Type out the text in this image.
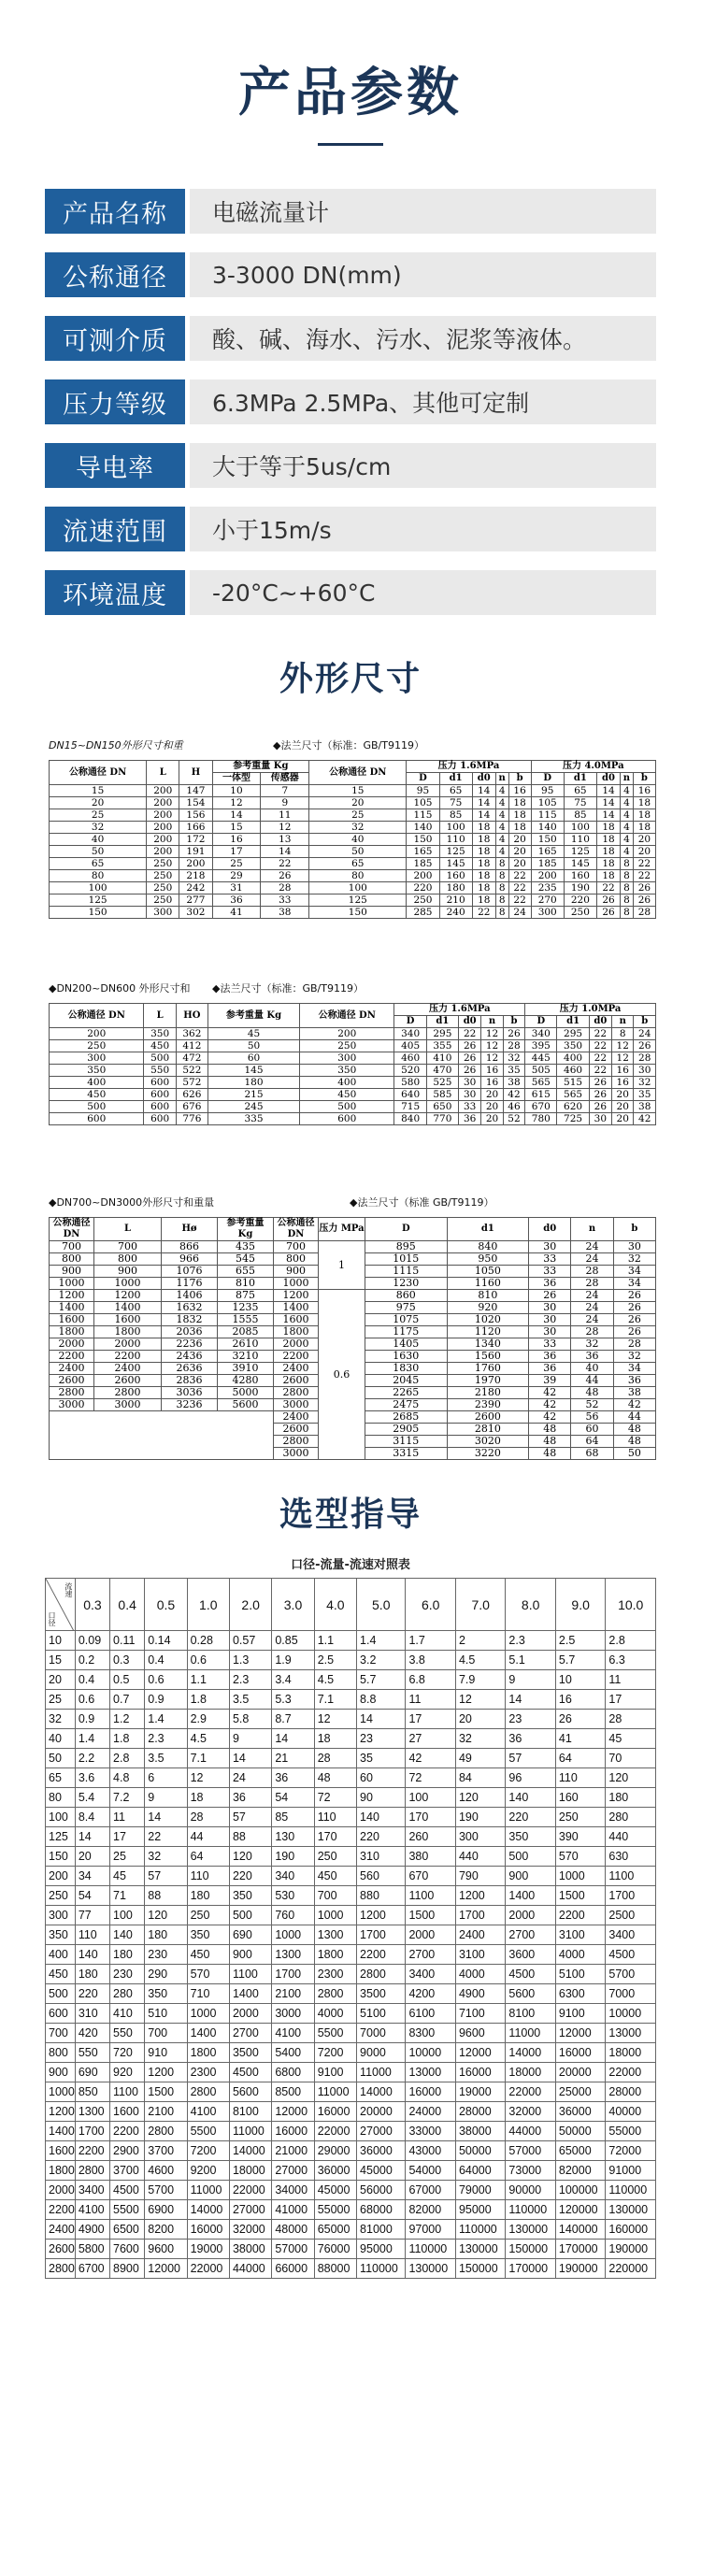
产品参数
产品名称	电磁流量计
公称通径	3-3000 DN(mm)
可测介质	酸、碱、海水、污水、泥浆等液体。
压力等级	6.3MPa 2.5MPa、其他可定制
导电率	大于等于5us/cm
流速范围	小于15m/s
环境温度	-20°C~+60°C
外形尺寸
DN15~DN150外形尺寸和重	◆法兰尺寸（标准：GB/T9119）
公称通径 DN	L	H	参考重量 Kg		公称通径 DN	压力 1.6MPa					压力 4.0MPa				
			一体型	传感器		D	d1	d0	n	b	D	d1	d0	n	b
15	200	147	10	7	15	95	65	14	4	16	95	65	14	4	16
20	200	154	12	9	20	105	75	14	4	18	105	75	14	4	18
25	200	156	14	11	25	115	85	14	4	18	115	85	14	4	18
32	200	166	15	12	32	140	100	18	4	18	140	100	18	4	18
40	200	172	16	13	40	150	110	18	4	20	150	110	18	4	20
50	200	191	17	14	50	165	125	18	4	20	165	125	18	4	20
65	250	200	25	22	65	185	145	18	8	20	185	145	18	8	22
80	250	218	29	26	80	200	160	18	8	22	200	160	18	8	22
100	250	242	31	28	100	220	180	18	8	22	235	190	22	8	26
125	250	277	36	33	125	250	210	18	8	22	270	220	26	8	26
150	300	302	41	38	150	285	240	22	8	24	300	250	26	8	28
◆DN200~DN600 外形尺寸和	◆法兰尺寸（标准：GB/T9119）
公称通径 DN	L	HO	参考重量 Kg	公称通径 DN	压力 1.6MPa					压力 1.0MPa				
					D	d1	d0	n	b	D	d1	d0	n	b
200	350	362	45	200	340	295	22	12	26	340	295	22	8	24
250	450	412	50	250	405	355	26	12	28	395	350	22	12	26
300	500	472	60	300	460	410	26	12	32	445	400	22	12	28
350	550	522	145	350	520	470	26	16	35	505	460	22	16	30
400	600	572	180	400	580	525	30	16	38	565	515	26	16	32
450	600	626	215	450	640	585	30	20	42	615	565	26	20	35
500	600	676	245	500	715	650	33	20	46	670	620	26	20	38
600	600	776	335	600	840	770	36	20	52	780	725	30	20	42
◆DN700~DN3000外形尺寸和重量	◆法兰尺寸（标准 GB/T9119）
公称通径 DN	L	Hø	参考重量 Kg	公称通径 DN	压力 MPa	D	d1	d0	n	b
700	700	866	435	700	1	895	840	30	24	30
800	800	966	545	800		1015	950	33	24	32
900	900	1076	655	900		1115	1050	33	28	34
1000	1000	1176	810	1000		1230	1160	36	28	34
1200	1200	1406	875	1200	0.6	860	810	26	24	26
1400	1400	1632	1235	1400		975	920	30	24	26
1600	1600	1832	1555	1600		1075	1020	30	24	26
1800	1800	2036	2085	1800		1175	1120	30	28	26
2000	2000	2236	2610	2000		1405	1340	33	32	28
2200	2200	2436	3210	2200		1630	1560	36	36	32
2400	2400	2636	3910	2400		1830	1760	36	40	34
2600	2600	2836	4280	2600		2045	1970	39	44	36
2800	2800	3036	5000	2800		2265	2180	42	48	38
3000	3000	3236	5600	3000		2475	2390	42	52	42
				2400		2685	2600	42	56	44
				2600		2905	2810	48	60	48
				2800		3115	3020	48	64	48
				3000		3315	3220	48	68	50
选型指导
口径-流量-流速对照表
流速
口径	0.3	0.4	0.5	1.0	2.0	3.0	4.0	5.0	6.0	7.0	8.0	9.0	10.0
10	0.09	0.11	0.14	0.28	0.57	0.85	1.1	1.4	1.7	2	2.3	2.5	2.8
15	0.2	0.3	0.4	0.6	1.3	1.9	2.5	3.2	3.8	4.5	5.1	5.7	6.3
20	0.4	0.5	0.6	1.1	2.3	3.4	4.5	5.7	6.8	7.9	9	10	11
25	0.6	0.7	0.9	1.8	3.5	5.3	7.1	8.8	11	12	14	16	17
32	0.9	1.2	1.4	2.9	5.8	8.7	12	14	17	20	23	26	28
40	1.4	1.8	2.3	4.5	9	14	18	23	27	32	36	41	45
50	2.2	2.8	3.5	7.1	14	21	28	35	42	49	57	64	70
65	3.6	4.8	6	12	24	36	48	60	72	84	96	110	120
80	5.4	7.2	9	18	36	54	72	90	100	120	140	160	180
100	8.4	11	14	28	57	85	110	140	170	190	220	250	280
125	14	17	22	44	88	130	170	220	260	300	350	390	440
150	20	25	32	64	120	190	250	310	380	440	500	570	630
200	34	45	57	110	220	340	450	560	670	790	900	1000	1100
250	54	71	88	180	350	530	700	880	1100	1200	1400	1500	1700
300	77	100	120	250	500	760	1000	1200	1500	1700	2000	2200	2500
350	110	140	180	350	690	1000	1300	1700	2000	2400	2700	3100	3400
400	140	180	230	450	900	1300	1800	2200	2700	3100	3600	4000	4500
450	180	230	290	570	1100	1700	2300	2800	3400	4000	4500	5100	5700
500	220	280	350	710	1400	2100	2800	3500	4200	4900	5600	6300	7000
600	310	410	510	1000	2000	3000	4000	5100	6100	7100	8100	9100	10000
700	420	550	700	1400	2700	4100	5500	7000	8300	9600	11000	12000	13000
800	550	720	910	1800	3500	5400	7200	9000	10000	12000	14000	16000	18000
900	690	920	1200	2300	4500	6800	9100	11000	13000	16000	18000	20000	22000
1000	850	1100	1500	2800	5600	8500	11000	14000	16000	19000	22000	25000	28000
1200	1300	1600	2100	4100	8100	12000	16000	20000	24000	28000	32000	36000	40000
1400	1700	2200	2800	5500	11000	16000	22000	27000	33000	38000	44000	50000	55000
1600	2200	2900	3700	7200	14000	21000	29000	36000	43000	50000	57000	65000	72000
1800	2800	3700	4600	9200	18000	27000	36000	45000	54000	64000	73000	82000	91000
2000	3400	4500	5700	11000	22000	34000	45000	56000	67000	79000	90000	100000	110000
2200	4100	5500	6900	14000	27000	41000	55000	68000	82000	95000	110000	120000	130000
2400	4900	6500	8200	16000	32000	48000	65000	81000	97000	110000	130000	140000	160000
2600	5800	7600	9600	19000	38000	57000	76000	95000	110000	130000	150000	170000	190000
2800	6700	8900	12000	22000	44000	66000	88000	110000	130000	150000	170000	190000	220000
